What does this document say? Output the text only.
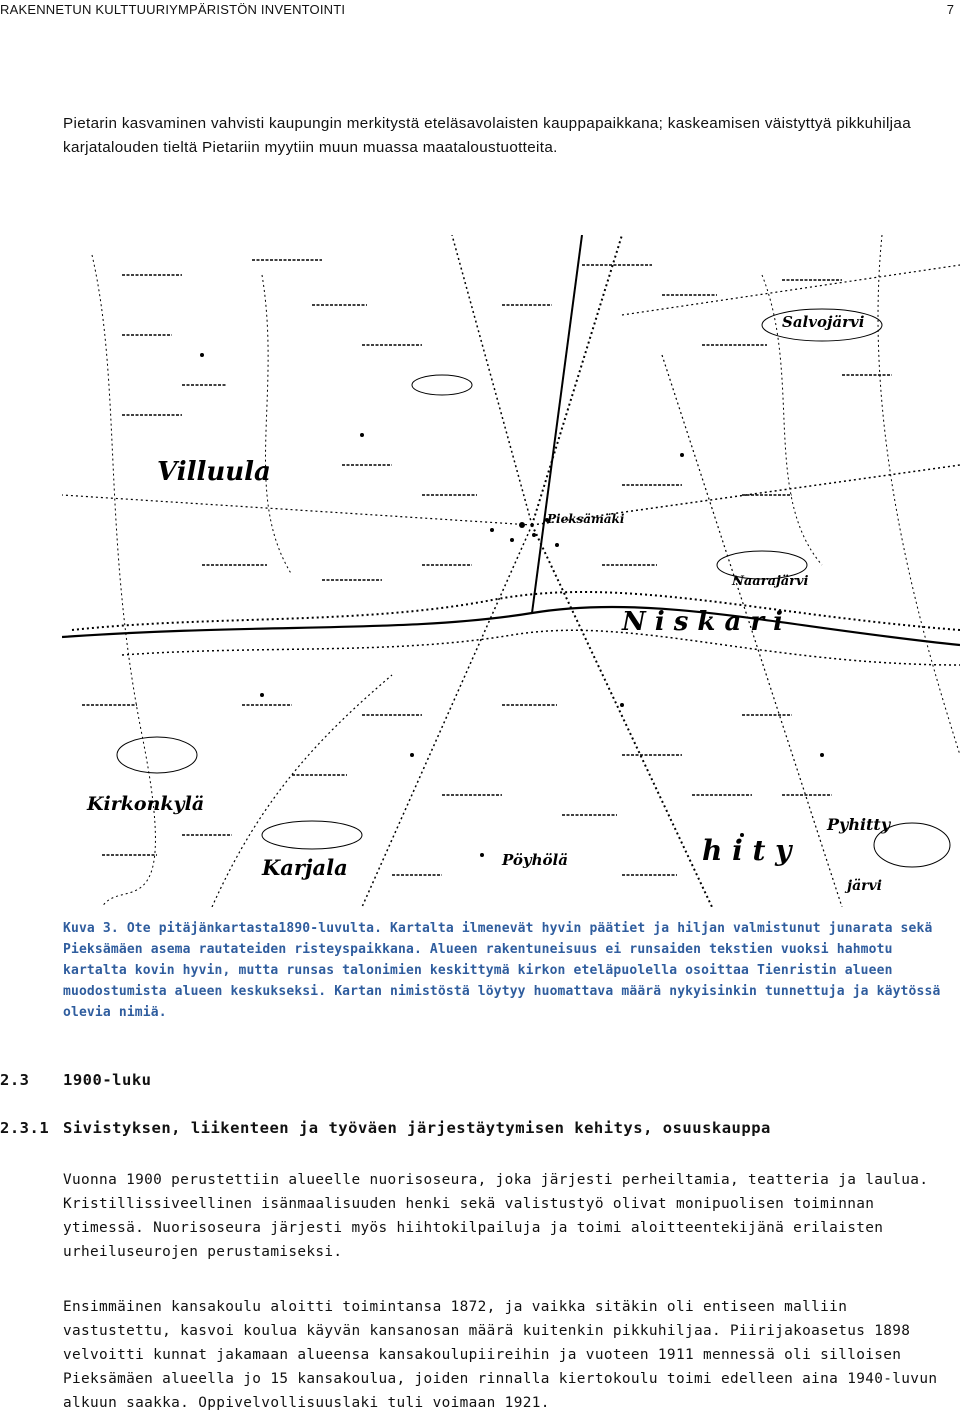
RAKENNETUN KULTTUURIYMPÄRISTÖN INVENTOINTI	7
Pietarin kasvaminen vahvisti kaupungin merkitystä eteläsavolaisten kauppapaikkana; kaskeamisen väistyttyä pikkuhiljaa karjatalouden tieltä Pietariin myytiin muun muassa maataloustuotteita.
Villuula
Kirkonkylä
Karjala
Pieksämäki
N i s k a r i
Salvojärvi
Pyhitty
Pöyhölä
Naarajärvi
h i t y
järvi
Kuva 3. Ote pitäjänkartasta1890-luvulta. Kartalta ilmenevät hyvin päätiet ja hiljan valmistunut junarata sekä Pieksämäen asema rautateiden risteyspaikkana. Alueen rakentuneisuus ei runsaiden tekstien vuoksi hahmotu kartalta kovin hyvin, mutta runsas talonimien keskittymä kirkon eteläpuolella osoittaa Tienristin alueen muodostumista alueen keskukseksi. Kartan nimistöstä löytyy huomattava määrä nykyisinkin tunnettuja ja käytössä olevia nimiä.
2.3 1900-luku
2.3.1 Sivistyksen, liikenteen ja työväen järjestäytymisen kehitys, osuuskauppa
Vuonna 1900 perustettiin alueelle nuorisoseura, joka järjesti perheiltamia, teatteria ja laulua. Kristillissiveellinen isänmaalisuuden henki sekä valistustyö olivat monipuolisen toiminnan ytimessä. Nuorisoseura järjesti myös hiihtokilpailuja ja toimi aloitteentekijänä erilaisten urheiluseurojen perustamiseksi.
Ensimmäinen kansakoulu aloitti toimintansa 1872, ja vaikka sitäkin oli entiseen malliin vastustettu, kasvoi koulua käyvän kansanosan määrä kuitenkin pikkuhiljaa. Piirijakoasetus 1898 velvoitti kunnat jakamaan alueensa kansakoulupiireihin ja vuoteen 1911 mennessä oli silloisen Pieksämäen alueella jo 15 kansakoulua, joiden rinnalla kiertokoulu toimi edelleen aina 1940-luvun alkuun saakka. Oppivelvollisuuslaki tuli voimaan 1921.
